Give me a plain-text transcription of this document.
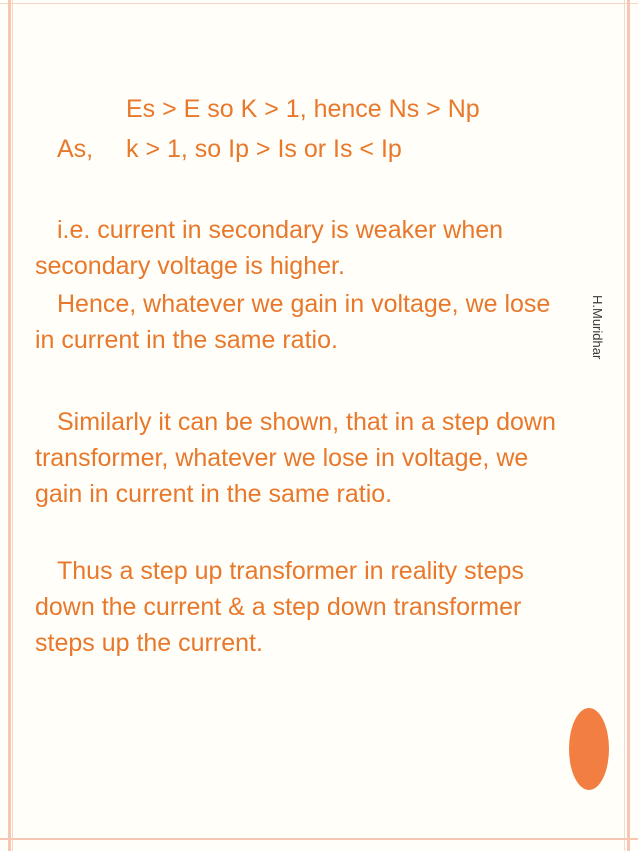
Es > E so K > 1, hence Ns > Np
As, k > 1, so Ip > Is or Is < Ip
i.e. current in secondary is weaker when
secondary voltage is higher.
Hence, whatever we gain in voltage, we lose
in current in the same ratio.
Similarly it can be shown, that in a step down
transformer, whatever we lose in voltage, we
gain in current in the same ratio.
Thus a step up transformer in reality steps
down the current & a step down transformer
steps up the current.
H.Muridhar
